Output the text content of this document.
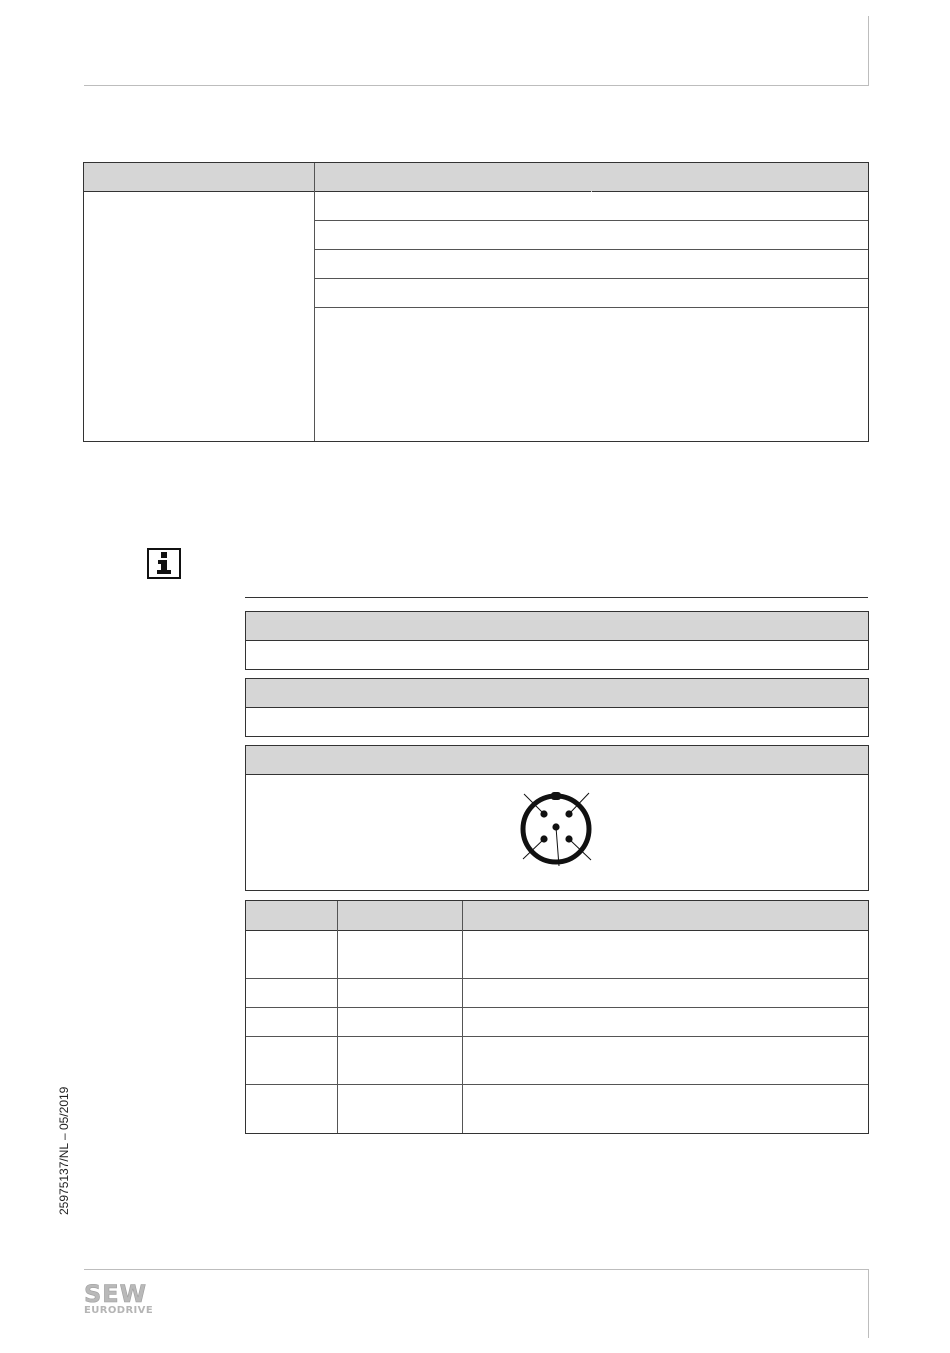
25975137/NL – 05/2019
SEW
EURODRIVE
